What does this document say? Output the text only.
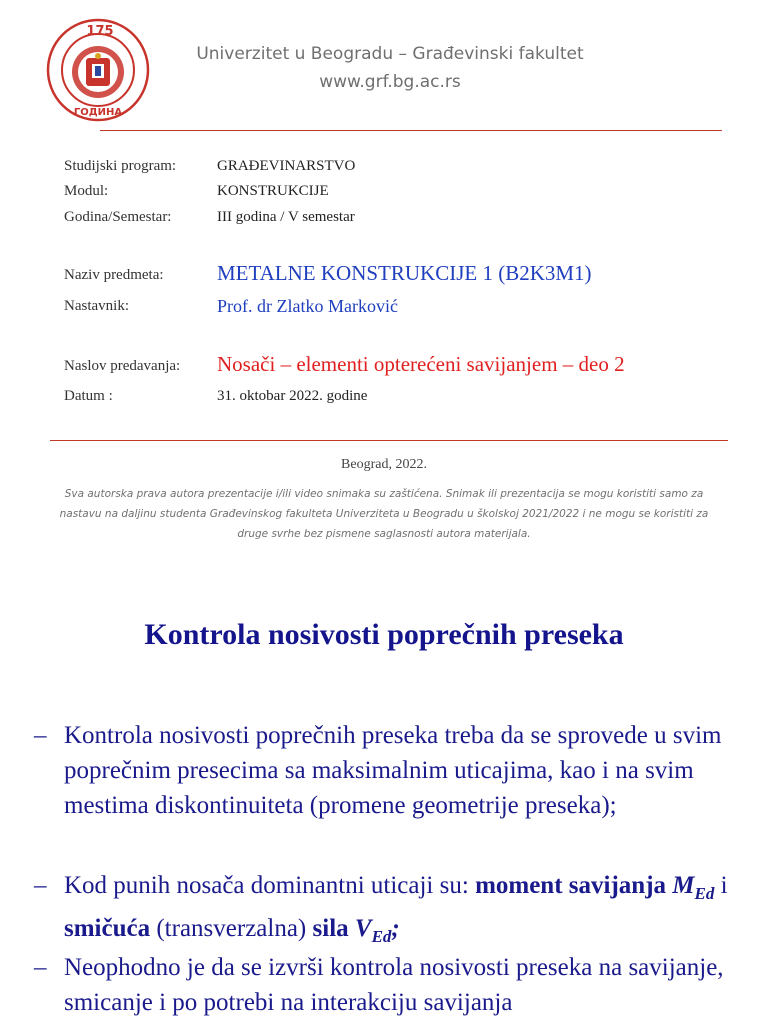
175
ГОДИНА
Univerzitet u Beogradu – Građevinski fakultet
www.grf.bg.ac.rs
Studijski program:	GRAĐEVINARSTVO
Modul:	KONSTRUKCIJE
Godina/Semestar:	III godina / V semestar
Naziv predmeta:	METALNE KONSTRUKCIJE 1 (B2K3M1)
Nastavnik:	Prof. dr Zlatko Marković
Naslov predavanja: Nosači – elementi opterećeni savijanjem – deo 2
Datum :	31. oktobar 2022. godine
Beograd, 2022.
Sva autorska prava autora prezentacije i/ili video snimaka su zaštićena. Snimak ili prezentacija se mogu koristiti samo za nastavu na daljinu studenta Građevinskog fakulteta Univerziteta u Beogradu u školskoj 2021/2022 i ne mogu se koristiti za druge svrhe bez pismene saglasnosti autora materijala.
Kontrola nosivosti poprečnih preseka
– Kontrola nosivosti poprečnih preseka treba da se sprovede u svim poprečnim presecima sa maksimalnim uticajima, kao i na svim mestima diskontinuiteta (promene geometrije preseka);
– Kod punih nosača dominantni uticaji su: moment savijanja $M_{Ed}$ i smičuća (transverzalna) sila $V_{Ed}$;
– Neophodno je da se izvrši kontrola nosivosti preseka na savijanje, smicanje i po potrebi na interakciju savijanja
